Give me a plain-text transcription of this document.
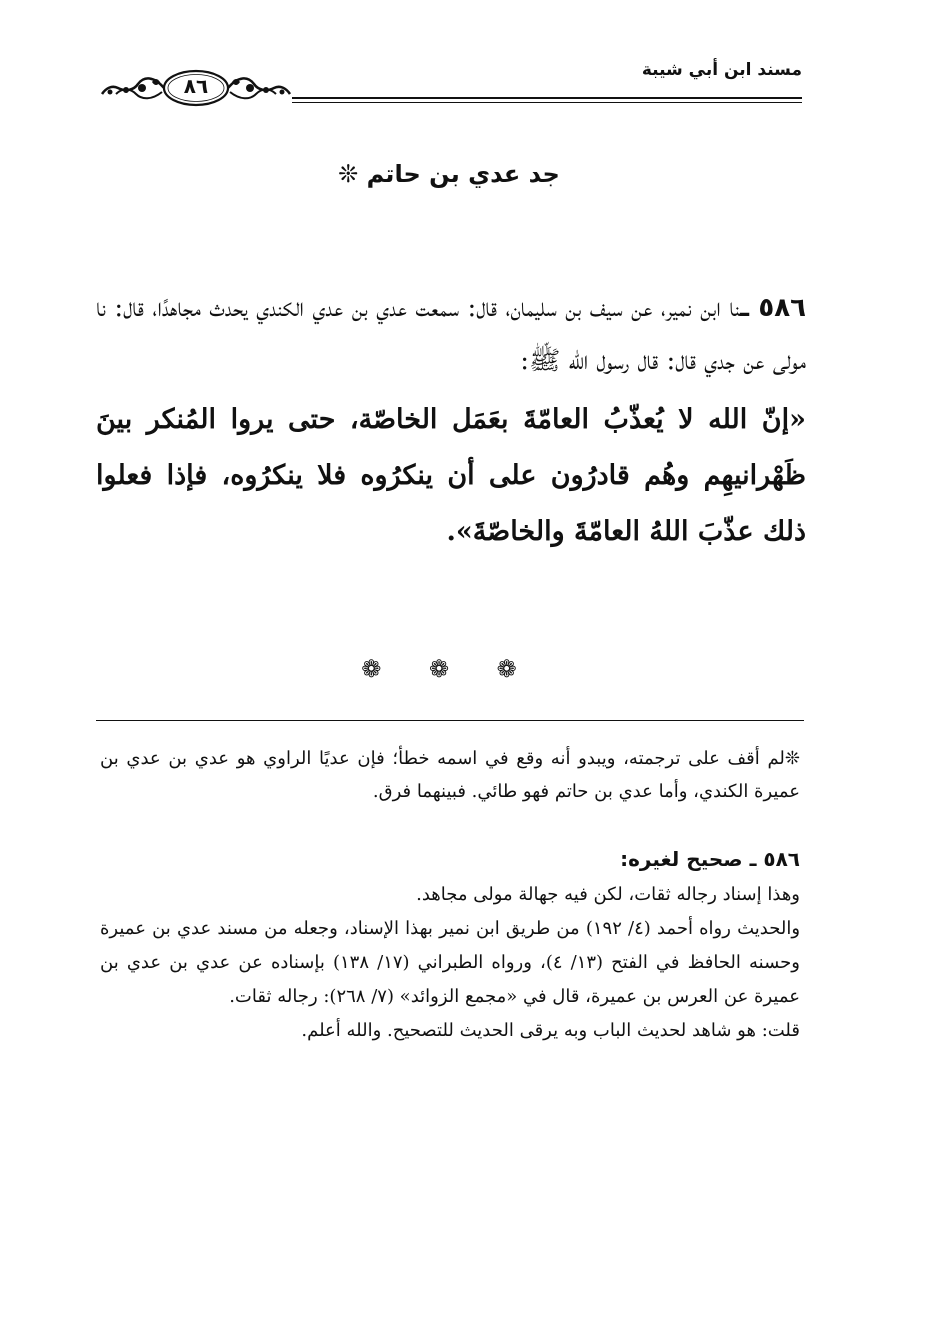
مسند ابن أبي شيبة
٨٦
جد عدي بن حاتم ❊

٥٨٦ ـنا ابن نمير، عن سيف بن سليمان، قال: سمعت عدي بن عدي الكندي يحدث مجاهدًا، قال: نا مولى عن جدي قال: قال رسول الله ﷺ:

«إنّ الله لا يُعذّبُ العامّةَ بعَمَل الخاصّة، حتى يروا المُنكر بينَ ظَهْرانيهِم وهُم قادرُون على أن ينكرُوه فلا ينكرُوه، فإذا فعلوا ذلك عذّبَ اللهُ العامّةَ والخاصّةَ».

❁ ❁ ❁

❊لم أقف على ترجمته، ويبدو أنه وقع في اسمه خطأ؛ فإن عديًا الراوي هو عدي بن عدي بن عميرة الكندي، وأما عدي بن حاتم فهو طائي. فبينهما فرق.

٥٨٦ ـ صحيح لغيره:

وهذا إسناد رجاله ثقات، لكن فيه جهالة مولى مجاهد.

والحديث رواه أحمد (٤/ ١٩٢) من طريق ابن نمير بهذا الإسناد، وجعله من مسند عدي بن عميرة وحسنه الحافظ في الفتح (١٣/ ٤)، ورواه الطبراني (١٧/ ١٣٨) بإسناده عن عدي بن عدي بن عميرة عن العرس بن عميرة، قال في «مجمع الزوائد» (٧/ ٢٦٨): رجاله ثقات.

قلت: هو شاهد لحديث الباب وبه يرقى الحديث للتصحيح. والله أعلم.
